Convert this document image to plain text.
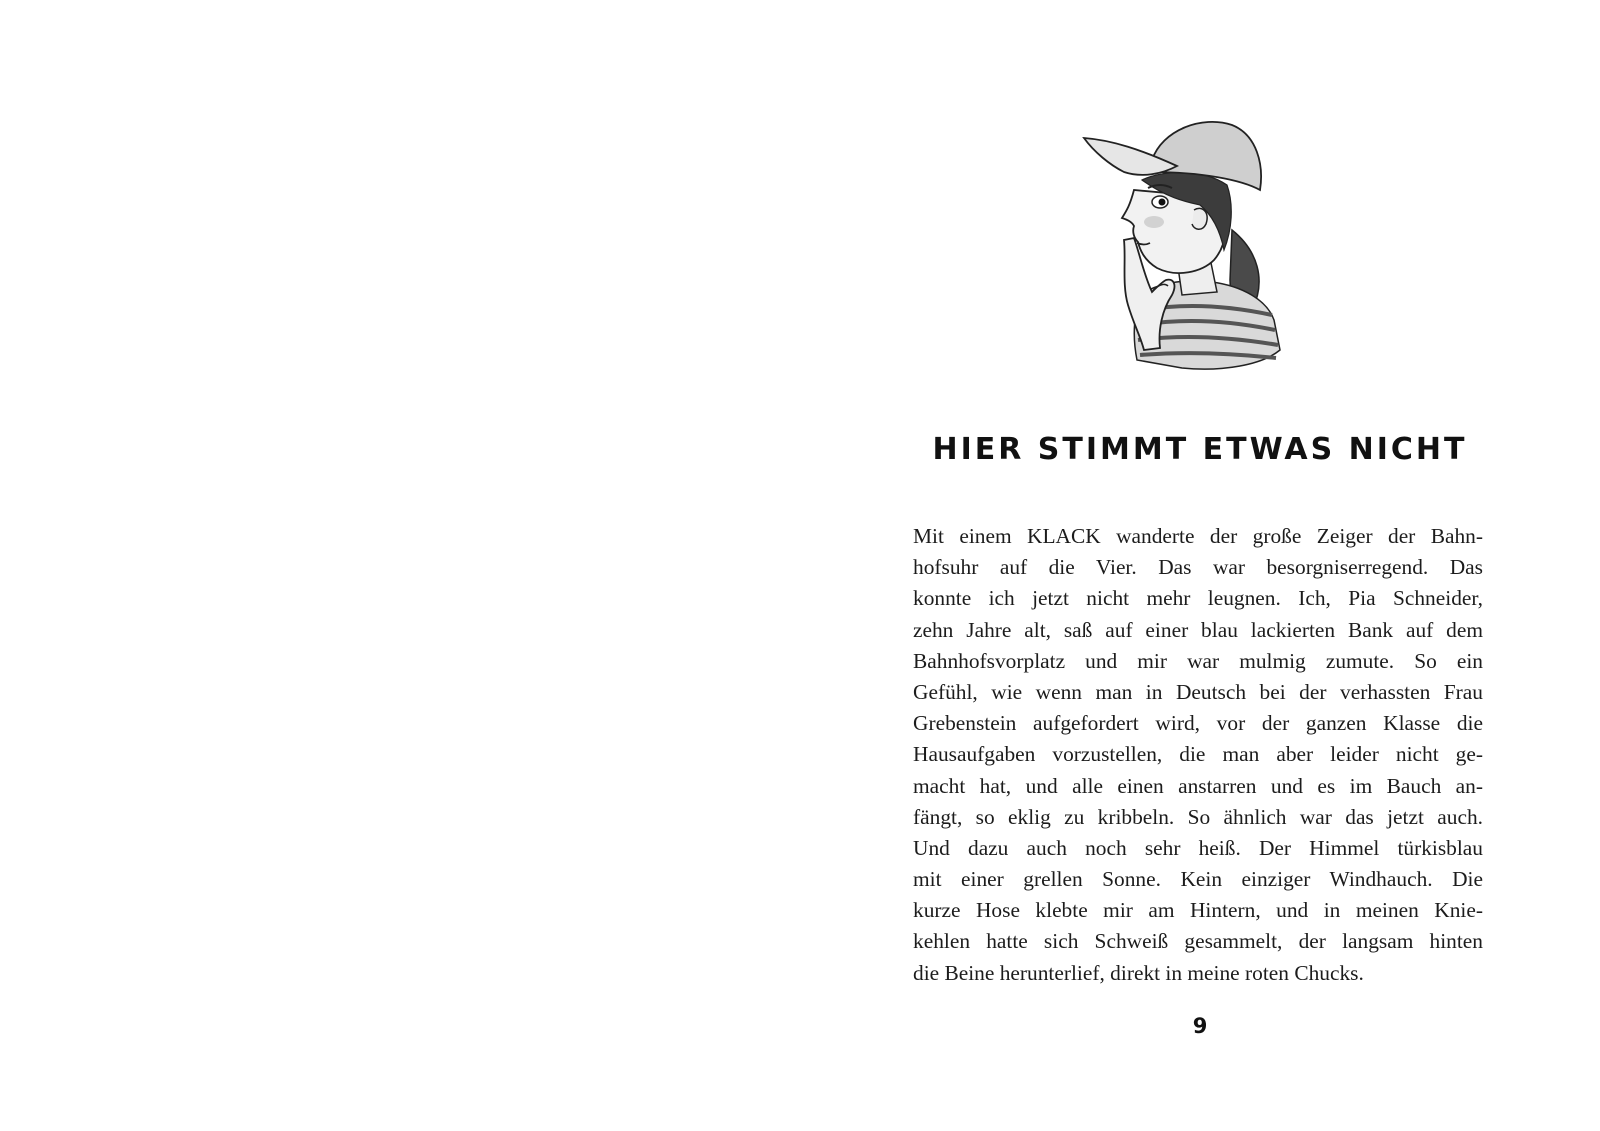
HIER STIMMT ETWAS NICHT
Mit einem KLACK wanderte der große Zeiger der Bahn-
hofsuhr auf die Vier. Das war besorgniserregend. Das
konnte ich jetzt nicht mehr leugnen. Ich, Pia Schneider,
zehn Jahre alt, saß auf einer blau lackierten Bank auf dem
Bahnhofsvorplatz und mir war mulmig zumute. So ein
Gefühl, wie wenn man in Deutsch bei der verhassten Frau
Grebenstein aufgefordert wird, vor der ganzen Klasse die
Hausaufgaben vorzustellen, die man aber leider nicht ge-
macht hat, und alle einen anstarren und es im Bauch an-
fängt, so eklig zu kribbeln. So ähnlich war das jetzt auch.
Und dazu auch noch sehr heiß. Der Himmel türkisblau
mit einer grellen Sonne. Kein einziger Windhauch. Die
kurze Hose klebte mir am Hintern, und in meinen Knie-
kehlen hatte sich Schweiß gesammelt, der langsam hinten
die Beine herunterlief, direkt in meine roten Chucks.
9
